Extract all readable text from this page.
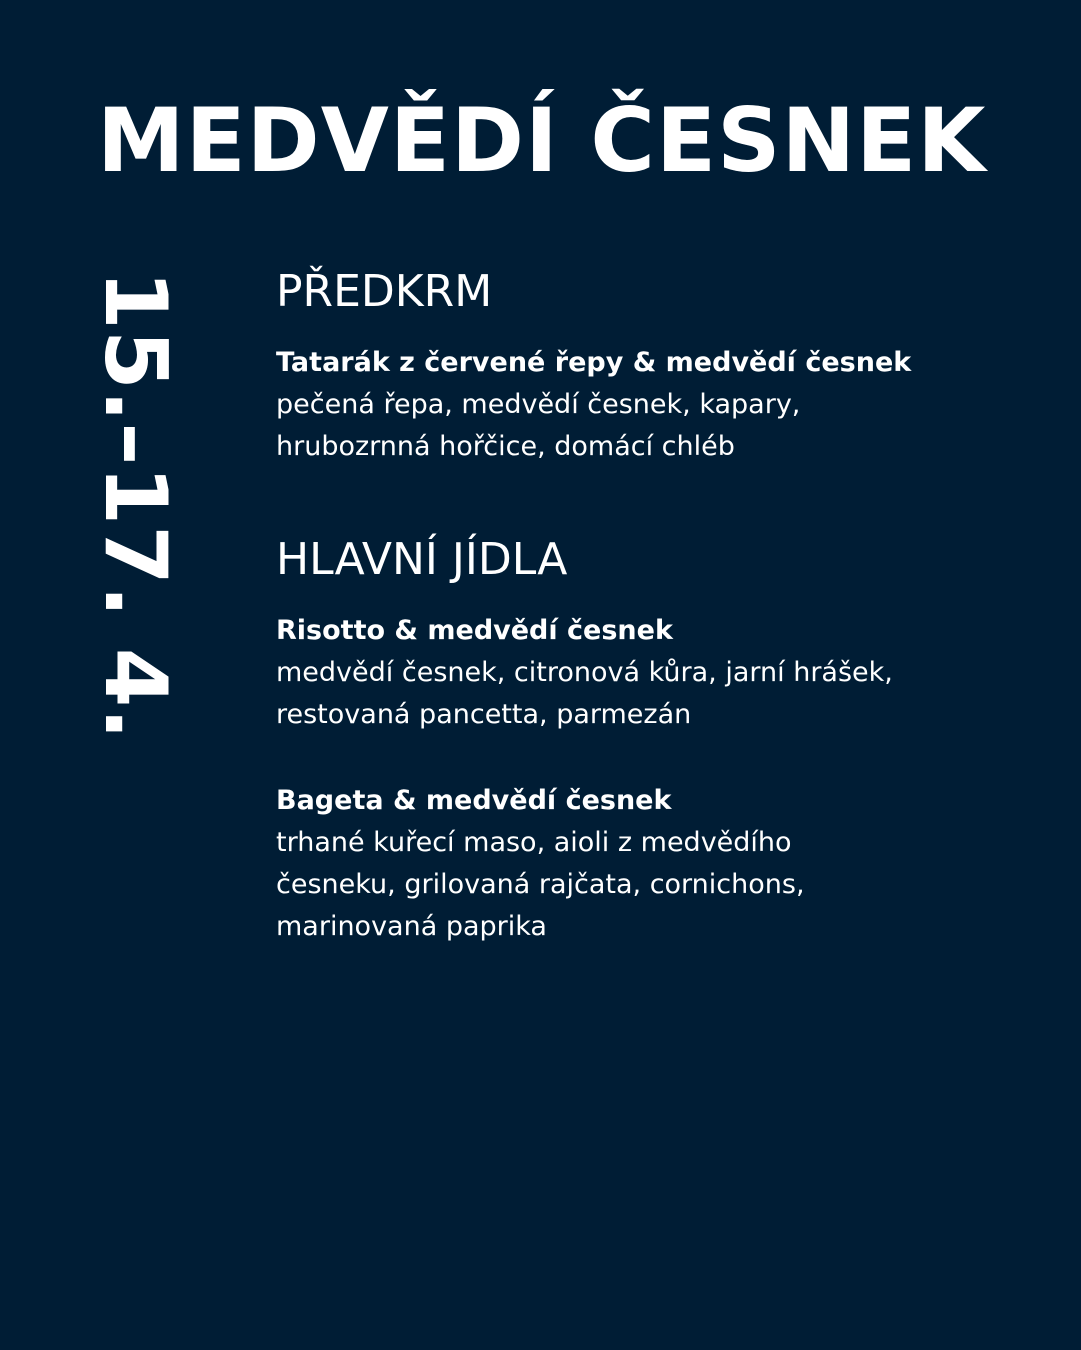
MEDVĚDÍ ČESNEK
15.–17. 4. PŘEDKRM

Tatarák z červené řepy & medvědí česnek

pečená řepa, medvědí česnek, kapary,
hrubozrnná hořčice, domácí chléb

HLAVNÍ JÍDLA

Risotto & medvědí česnek

medvědí česnek, citronová kůra, jarní hrášek,
restovaná pancetta, parmezán

Bageta & medvědí česnek

trhané kuřecí maso, aioli z medvědího
česneku, grilovaná rajčata, cornichons,
marinovaná paprika
